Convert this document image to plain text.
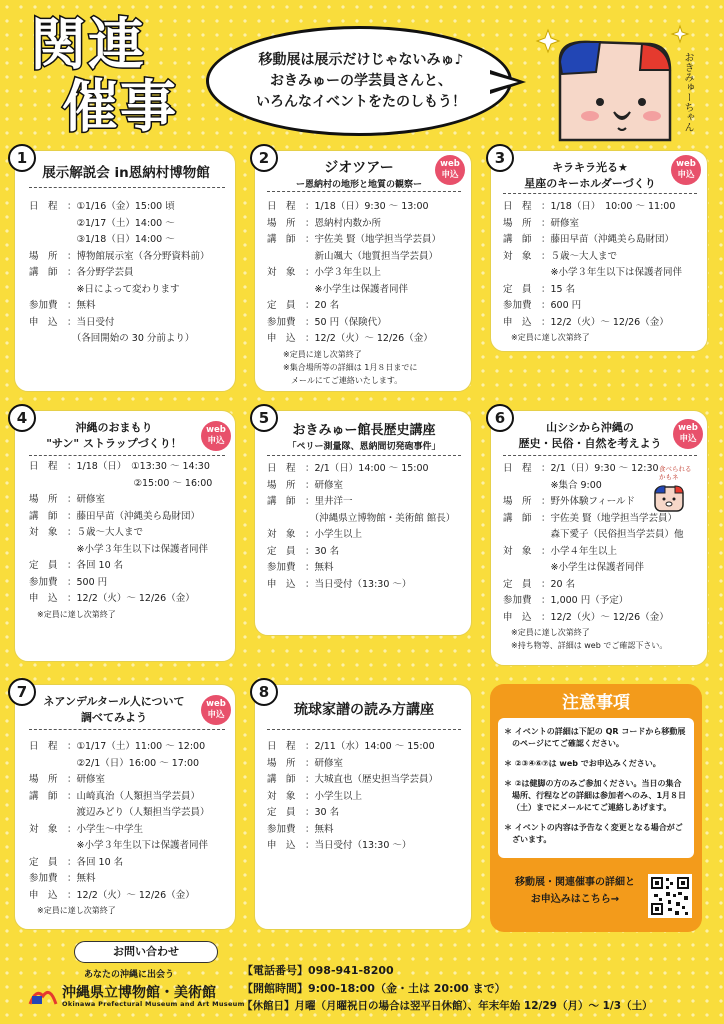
関連
催事
移動展は展示だけじゃないみゅ♪
おきみゅーの学芸員さんと、
いろんなイベントをたのしもう！	おきみゅーちゃん
展示解説会 in恩納村博物館
日　程 ：①1/16（金）15:00 頃
　②1/17（土）14:00 ～
　③1/18（日）14:00 ～
場　所 ：博物館展示室（各分野資料前）
講　師 ：各分野学芸員
　※日によって変わります
参加費 ：無料
申　込 ：当日受付
　（各回開始の 30 分前より）
1
ジオツアー
ー恩納村の地形と地質の観察ー
web
申込
日　程 ：1/18（日）9:30 ～ 13:00
場　所 ：恩納村内数か所
講　師 ：宇佐美 賢（地学担当学芸員）
　新山颯大（地質担当学芸員）
対　象 ：小学３年生以上
　※小学生は保護者同伴
定　員 ：20 名
参加費 ：50 円（保険代）
申　込 ：12/2（火）～ 12/26（金）
　　※定員に達し次第終了
　　※集合場所等の詳細は 1月８日までに
　　　メールにてご連絡いたします。
2
キラキラ光る★
星座のキーホルダーづくり
web
申込
日　程 ：1/18（日）　10:00 ～ 11:00
場　所 ：研修室
講　師 ：藤田早苗（沖縄美ら島財団）
対　象 ：５歳～大人まで
　※小学３年生以下は保護者同伴
定　員 ：15 名
参加費 ：600 円
申　込 ：12/2（火）～ 12/26（金）
　※定員に達し次第終了
3
沖縄のおまもり
"サン" ストラップづくり！
web
申込
日　程 ：1/18（日）　①13:30 ～ 14:30
　　　　　　　②15:00 ～ 16:00
場　所 ：研修室
講　師 ：藤田早苗（沖縄美ら島財団）
対　象 ：５歳～大人まで
　※小学３年生以下は保護者同伴
定　員 ：各回 10 名
参加費 ：500 円
申　込 ：12/2（火）～ 12/26（金）
　※定員に達し次第終了
4
おきみゅー館長歴史講座
「ペリー測量隊、恩納間切発砲事件」
日　程 ：2/1（日）14:00 ～ 15:00
場　所 ：研修室
講　師 ：里井洋一
　（沖縄県立博物館・美術館 館長）
対　象 ：小学生以上
定　員 ：30 名
参加費 ：無料
申　込 ：当日受付（13:30 ～）
5
山シシから沖縄の
歴史・民俗・自然を考えよう
web
申込
日　程 ：2/1（日）9:30 ～ 12:30
　※集合 9:00
場　所 ：野外体験フィールド
講　師 ：宇佐美 賢（地学担当学芸員）
　森下愛子（民俗担当学芸員）他
対　象 ：小学４年生以上
　※小学生は保護者同伴
定　員 ：20 名
参加費 ：1,000 円（予定）
申　込 ：12/2（火）～ 12/26（金）
　※定員に達し次第終了
　※持ち物等、詳細は web でご確認下さい。
食べられる
かもネ
6
ネアンデルタール人について
調べてみよう
web
申込
日　程 ：①1/17（土）11:00 ～ 12:00
　②2/1（日）16:00 ～ 17:00
場　所 ：研修室
講　師 ：山崎真治（人類担当学芸員）
　渡辺みどり（人類担当学芸員）
対　象 ：小学生～中学生
　※小学３年生以下は保護者同伴
定　員 ：各回 10 名
参加費 ：無料
申　込 ：12/2（火）～ 12/26（金）
　※定員に達し次第終了
7
琉球家譜の読み方講座
日　程 ：2/11（水）14:00 ～ 15:00
場　所 ：研修室
講　師 ：大城直也（歴史担当学芸員）
対　象 ：小学生以上
定　員 ：30 名
参加費 ：無料
申　込 ：当日受付（13:30 ～）
8
注意事項
＊ イベントの詳細は下記の QR コードから移動展のページにてご確認ください。
＊ ②③④⑥⑦は web でお申込みください。
＊ ②は健脚の方のみご参加ください。当日の集合場所、行程などの詳細は参加者へのみ、1月８日（土）までにメールにてご連絡しあげます。
＊ イベントの内容は予告なく変更となる場合がございます。
移動展・関連催事の詳細と
お申込みはこちら→
お問い合わせ
あなたの沖縄に出会う
沖縄県立博物館・美術館
Okinawa Prefectural Museum and Art Museum
【電話番号】098-941-8200
【開館時間】9:00-18:00（金・土は 20:00 まで）
【休館日】月曜（月曜祝日の場合は翌平日休館）、年末年始 12/29（月）～ 1/3（土）
